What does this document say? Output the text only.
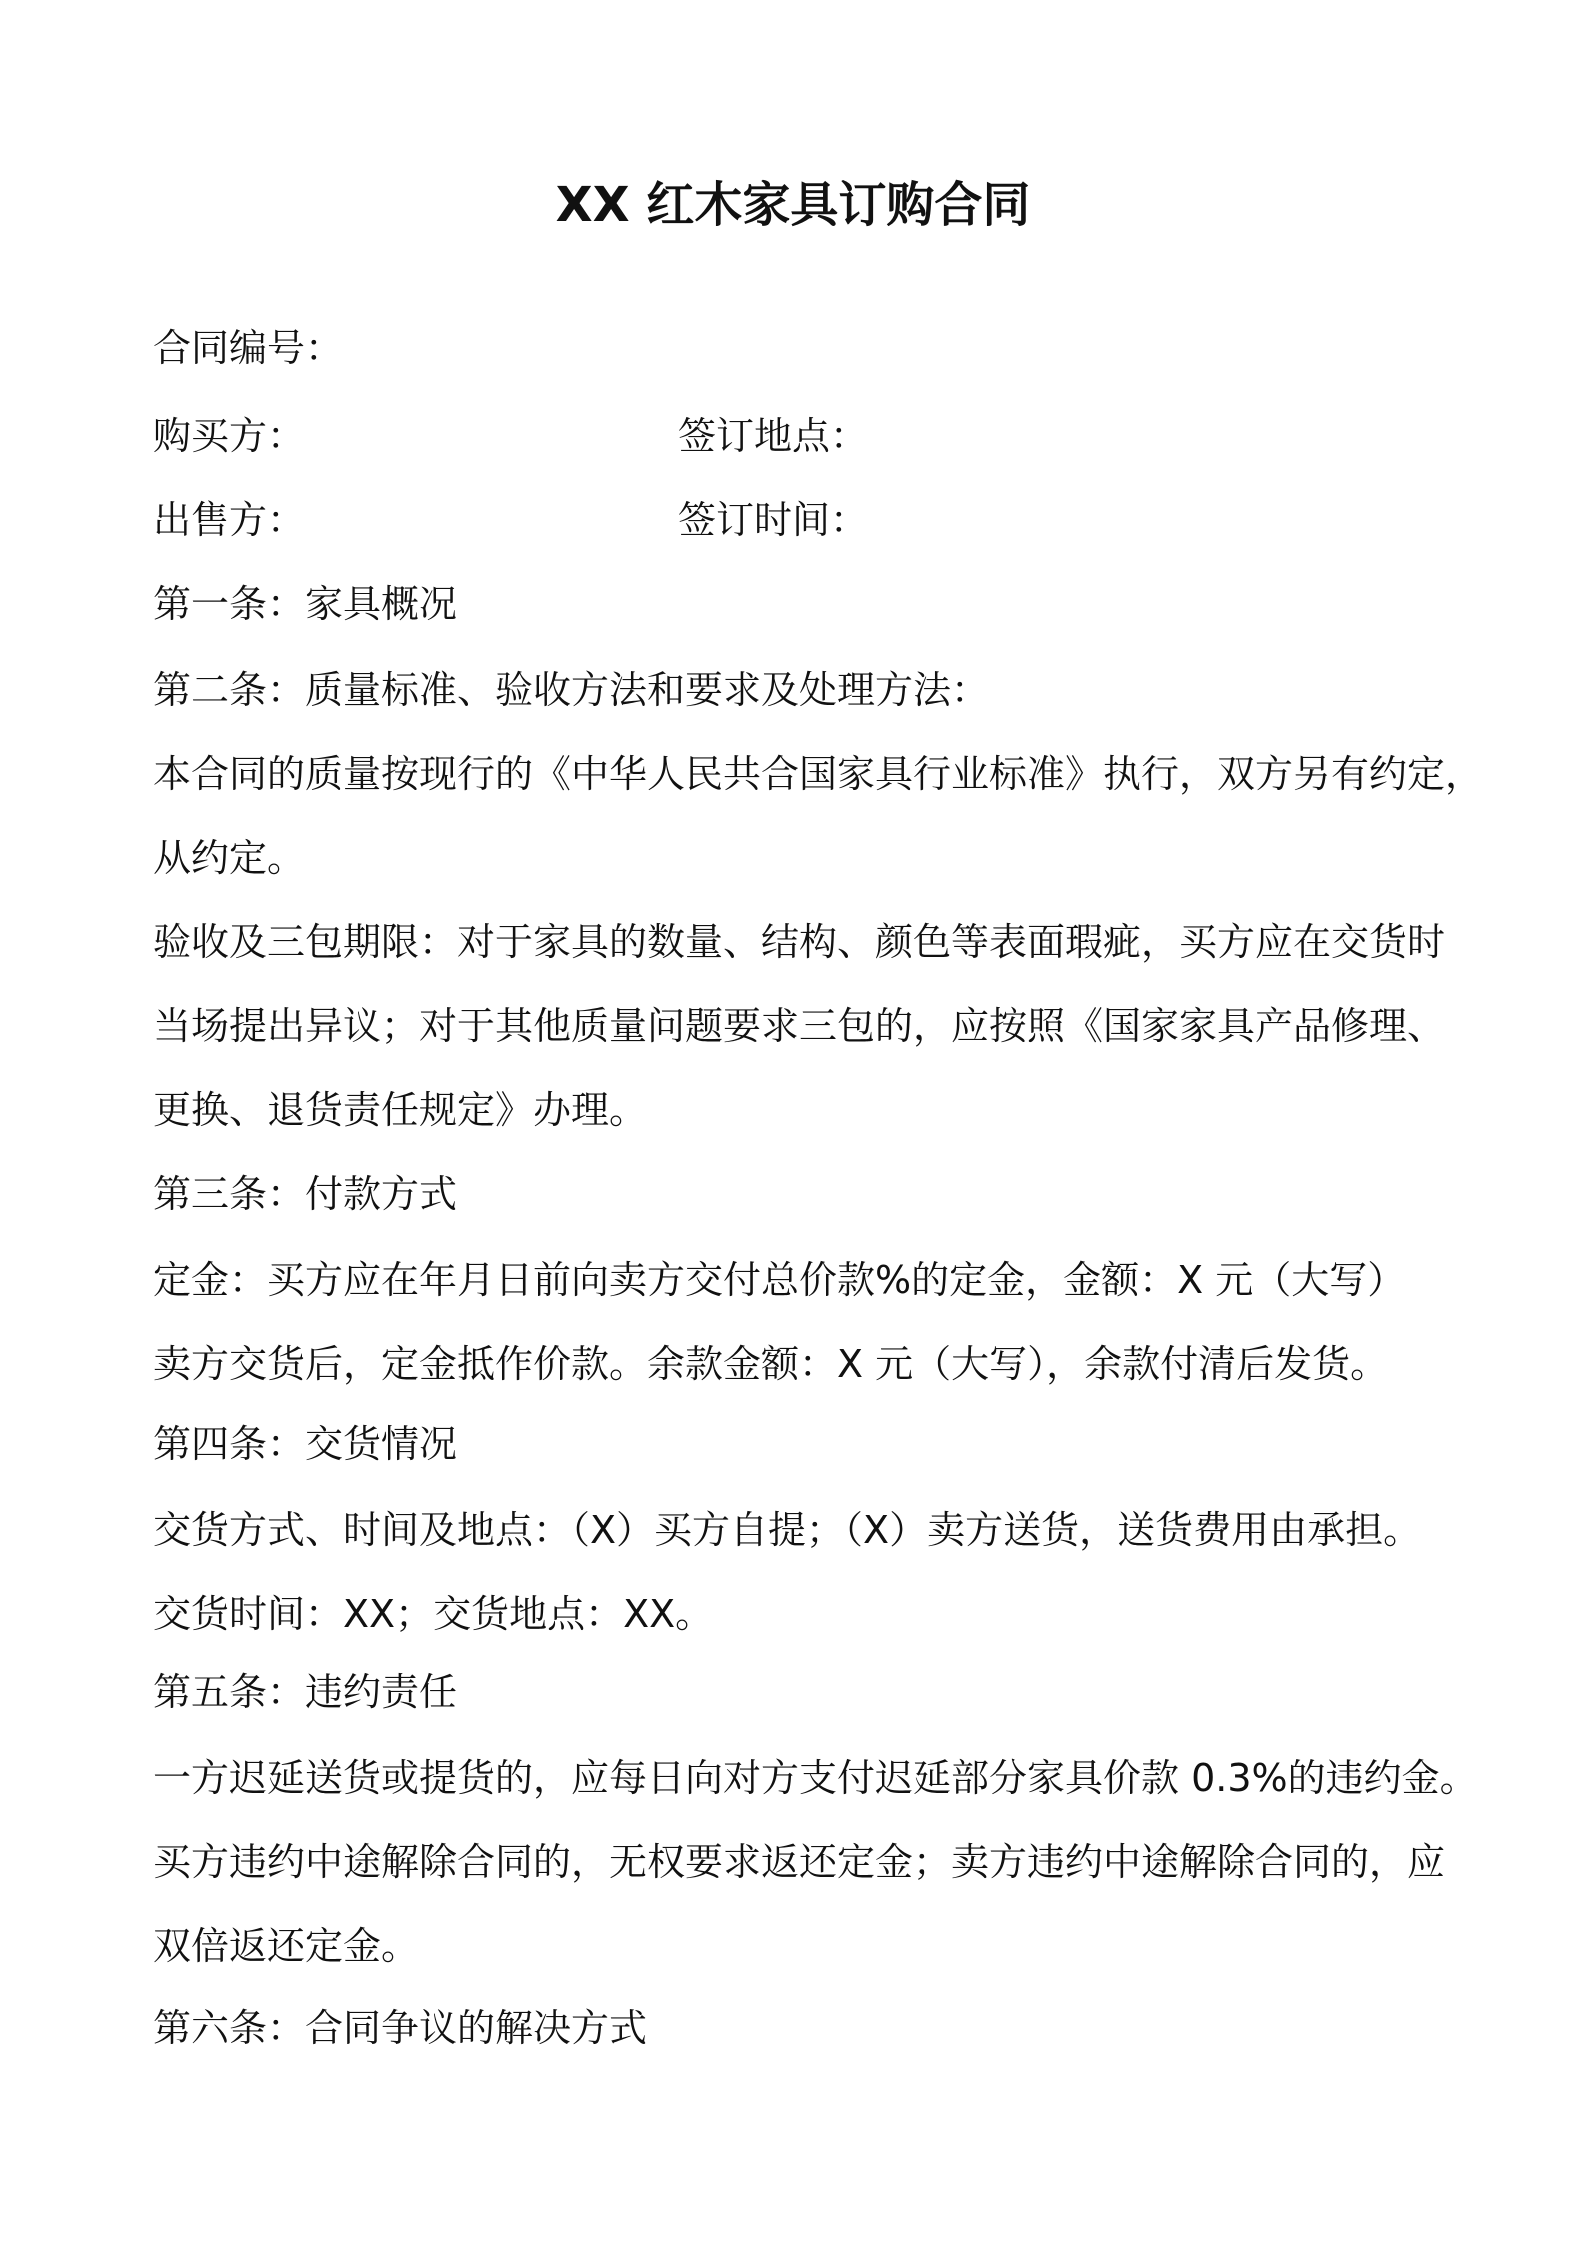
XX 红木家具订购合同
合同编号：
购买方：	签订地点：
出售方：	签订时间：
第一条：家具概况
第二条：质量标准、验收方法和要求及处理方法：
本合同的质量按现行的《中华人民共合国家具行业标准》执行，双方另有约定，
从约定。
验收及三包期限：对于家具的数量、结构、颜色等表面瑕疵，买方应在交货时
当场提出异议；对于其他质量问题要求三包的，应按照《国家家具产品修理、
更换、退货责任规定》办理。
第三条：付款方式
定金：买方应在年月日前向卖方交付总价款%的定金，金额：X 元（大写）
卖方交货后，定金抵作价款。余款金额：X 元（大写），余款付清后发货。
第四条：交货情况
交货方式、时间及地点：（X）买方自提；（X）卖方送货，送货费用由承担。
交货时间：XX；交货地点：XX。
第五条：违约责任
一方迟延送货或提货的，应每日向对方支付迟延部分家具价款 0.3%的违约金。
买方违约中途解除合同的，无权要求返还定金；卖方违约中途解除合同的，应
双倍返还定金。
第六条：合同争议的解决方式
